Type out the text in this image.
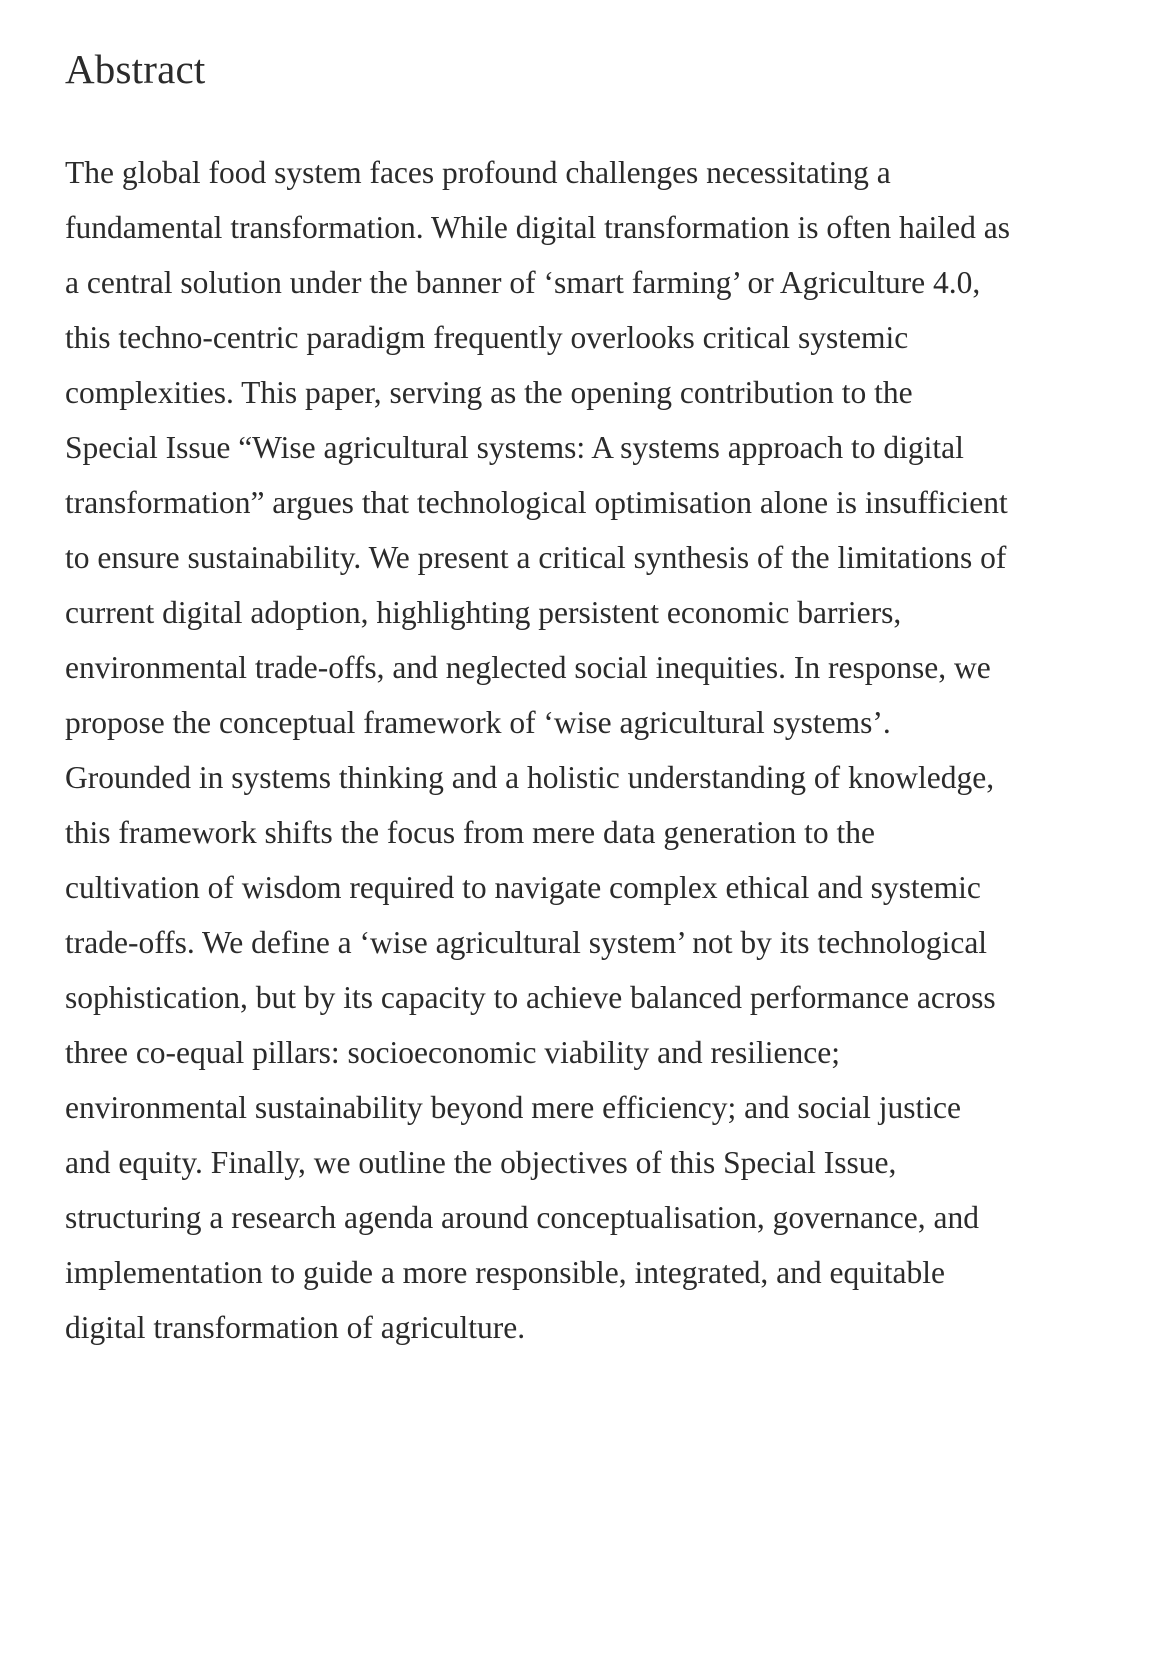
Abstract

The global food system faces profound challenges necessitating a fundamental transformation. While digital transformation is often hailed as a central solution under the banner of ‘smart farming’ or Agriculture 4.0, this techno-centric paradigm frequently overlooks critical systemic complexities. This paper, serving as the opening contribution to the Special Issue “Wise agricultural systems: A systems approach to digital transformation” argues that technological optimisation alone is insufficient to ensure sustainability. We present a critical synthesis of the limitations of current digital adoption, highlighting persistent economic barriers, environmental trade-offs, and neglected social inequities. In response, we propose the conceptual framework of ‘wise agricultural systems’. Grounded in systems thinking and a holistic understanding of knowledge, this framework shifts the focus from mere data generation to the cultivation of wisdom required to navigate complex ethical and systemic trade-offs. We define a ‘wise agricultural system’ not by its technological sophistication, but by its capacity to achieve balanced performance across three co-equal pillars: socioeconomic viability and resilience; environmental sustainability beyond mere efficiency; and social justice and equity. Finally, we outline the objectives of this Special Issue, structuring a research agenda around conceptualisation, governance, and implementation to guide a more responsible, integrated, and equitable digital transformation of agriculture.
